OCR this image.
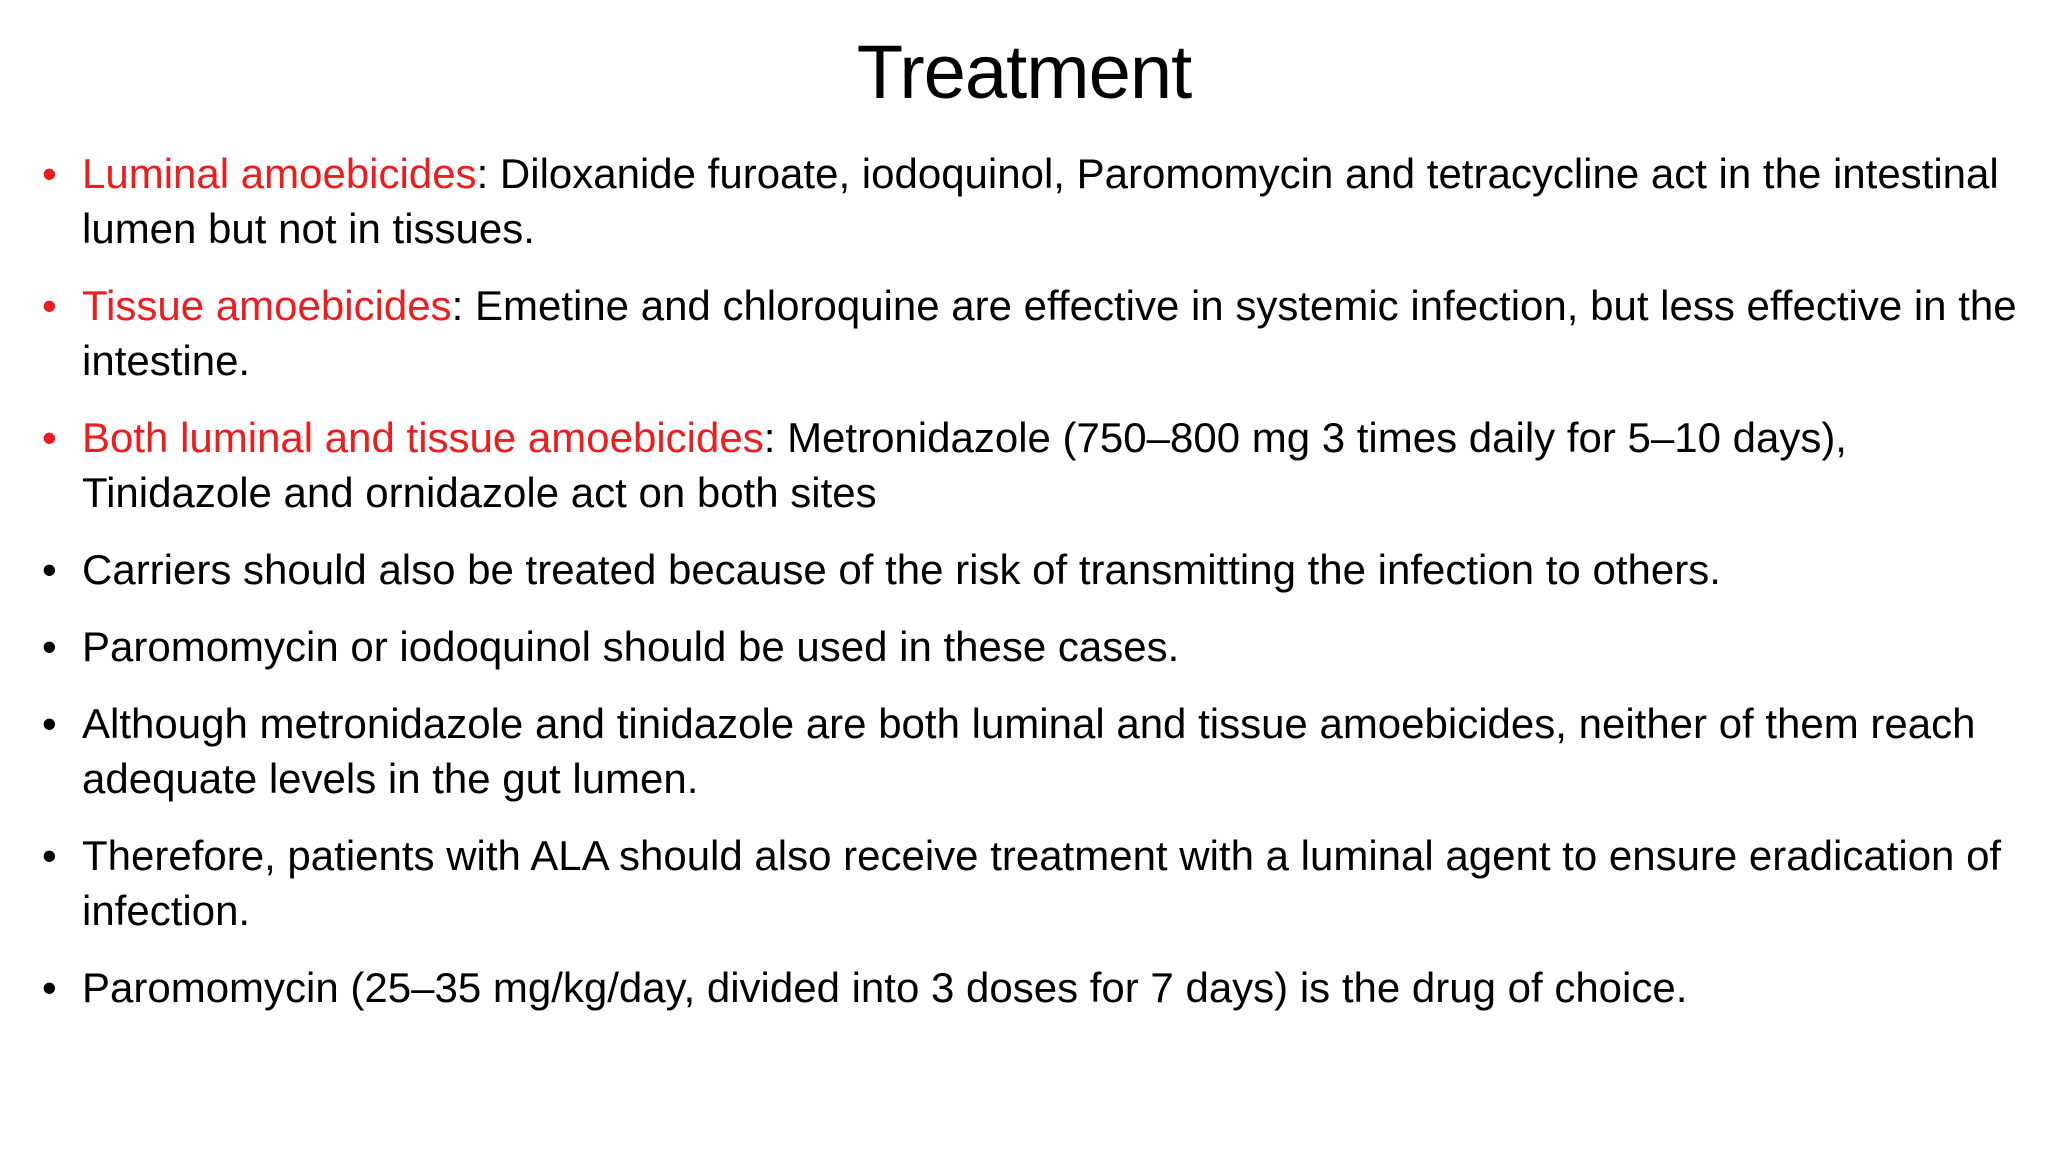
Treatment
• Luminal amoebicides: Diloxanide furoate, iodoquinol, Paromomycin and tetracycline act in the intestinal lumen but not in tissues.
• Tissue amoebicides: Emetine and chloroquine are effective in systemic infection, but less effective in the intestine.
• Both luminal and tissue amoebicides: Metronidazole (750–800 mg 3 times daily for 5–10 days), Tinidazole and ornidazole act on both sites
• Carriers should also be treated because of the risk of transmitting the infection to others.
• Paromomycin or iodoquinol should be used in these cases.
• Although metronidazole and tinidazole are both luminal and tissue amoebicides, neither of them reach adequate levels in the gut lumen.
• Therefore, patients with ALA should also receive treatment with a luminal agent to ensure eradication of infection.
• Paromomycin (25–35 mg/kg/day, divided into 3 doses for 7 days) is the drug of choice.
